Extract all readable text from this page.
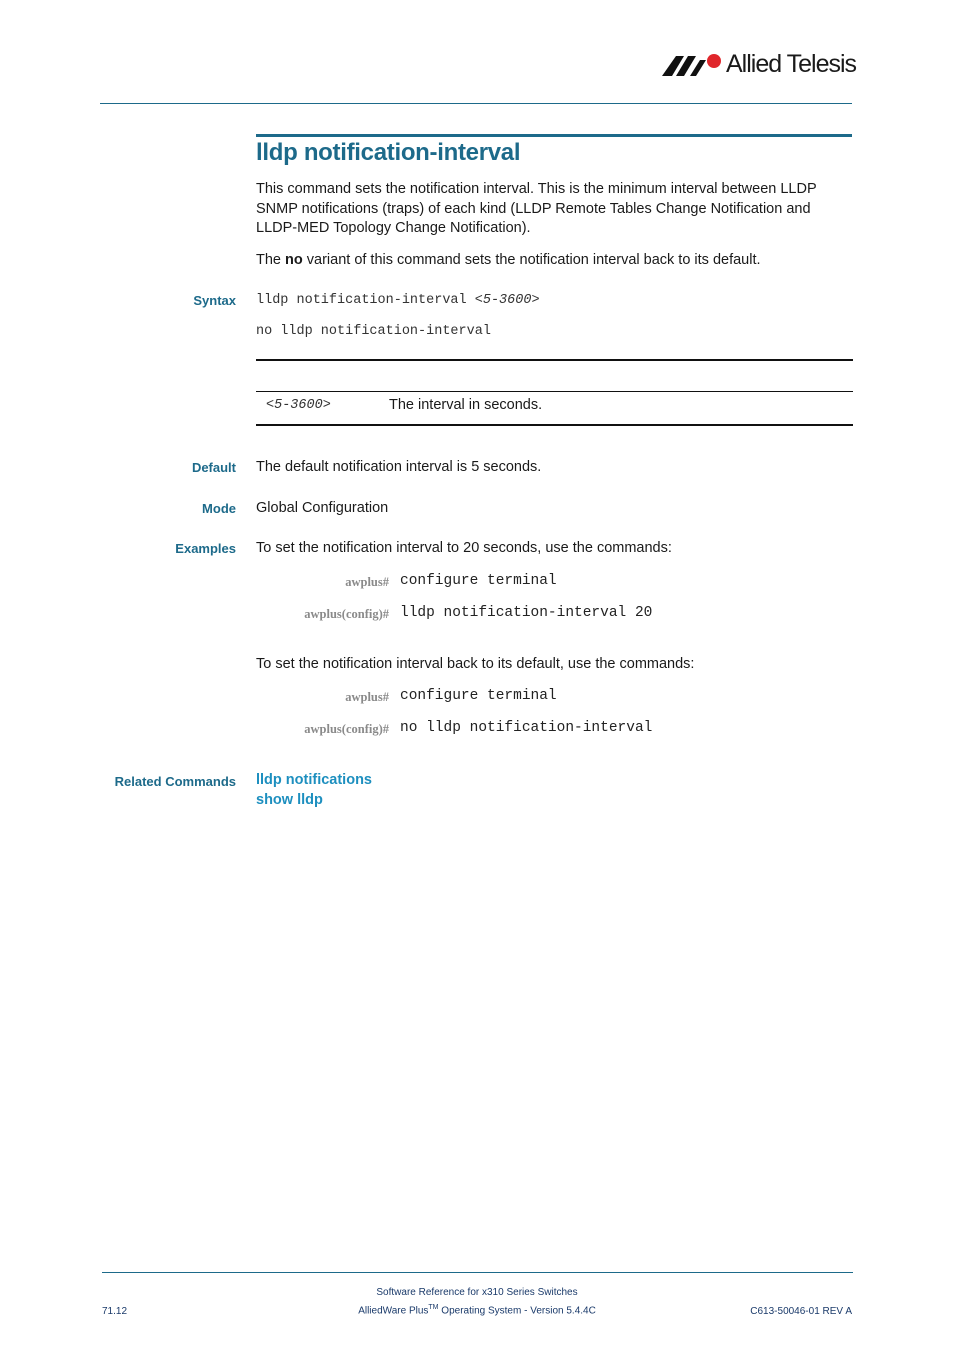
Allied Telesis
lldp notification-interval
This command sets the notification interval. This is the minimum interval between LLDP SNMP notifications (traps) of each kind (LLDP Remote Tables Change Notification and LLDP-MED Topology Change Notification).
The no variant of this command sets the notification interval back to its default.
Syntax lldp notification-interval <5-3600>
no lldp notification-interval
<5-3600>	The interval in seconds.
Default The default notification interval is 5 seconds.
Mode Global Configuration
Examples To set the notification interval to 20 seconds, use the commands:
awplus# configure terminal
awplus(config)# lldp notification-interval 20
To set the notification interval back to its default, use the commands:
awplus# configure terminal
awplus(config)# no lldp notification-interval
Related Commands lldp notifications
show lldp
Software Reference for x310 Series Switches
AlliedWare Plus™ Operating System - Version 5.4.4C
71.12	C613-50046-01 REV A
